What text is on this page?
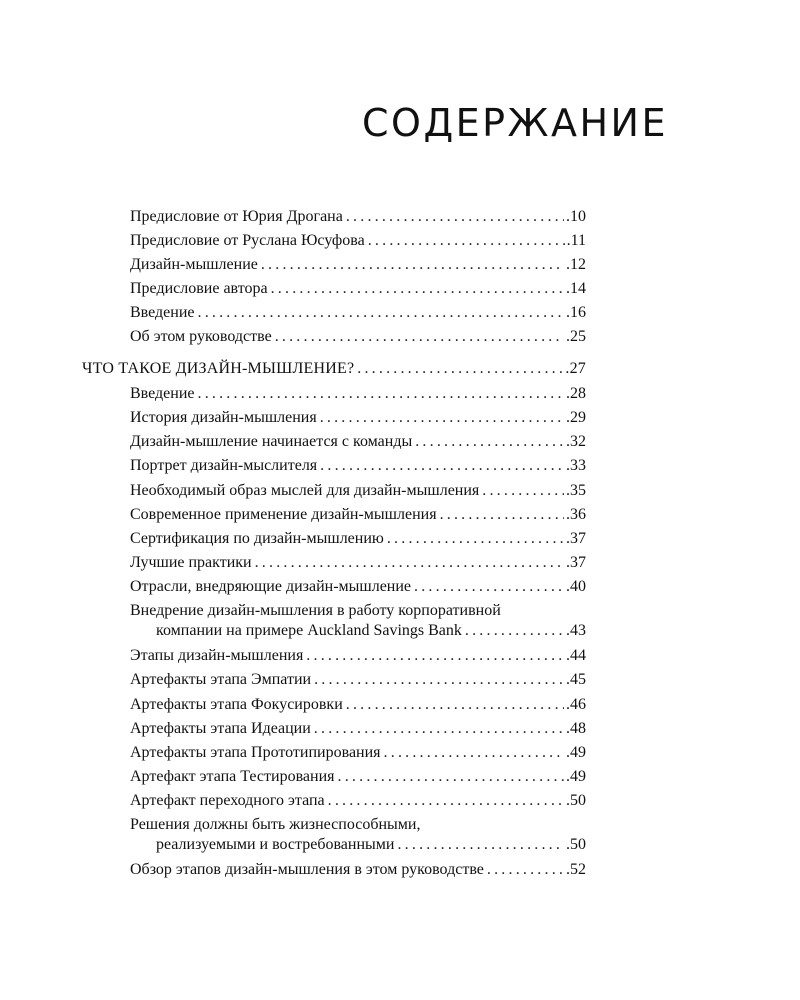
СОДЕРЖАНИЕ
Предисловие от Юрия Дрогана .....	.10
Предисловие от Руслана Юсуфова .....	.11
Дизайн-мышление .....	.12
Предисловие автора .....	.14
Введение .....	.16
Об этом руководстве .....	.25
ЧТО ТАКОЕ ДИЗАЙН-МЫШЛЕНИЕ? .....	.27
Введение .....	.28
История дизайн-мышления .....	.29
Дизайн-мышление начинается с команды .....	.32
Портрет дизайн-мыслителя .....	.33
Необходимый образ мыслей для дизайн-мышления .....	.35
Современное применение дизайн-мышления .....	.36
Сертификация по дизайн-мышлению .....	.37
Лучшие практики .....	.37
Отрасли, внедряющие дизайн-мышление .....	.40
Внедрение дизайн-мышления в работу корпоративной
компании на примере Auckland Savings Bank .....	.43
Этапы дизайн-мышления .....	.44
Артефакты этапа Эмпатии .....	.45
Артефакты этапа Фокусировки .....	.46
Артефакты этапа Идеации .....	.48
Артефакты этапа Прототипирования .....	.49
Артефакт этапа Тестирования .....	.49
Артефакт переходного этапа .....	.50
Решения должны быть жизнеспособными,
реализуемыми и востребованными .....	.50
Обзор этапов дизайн-мышления в этом руководстве .....	.52
